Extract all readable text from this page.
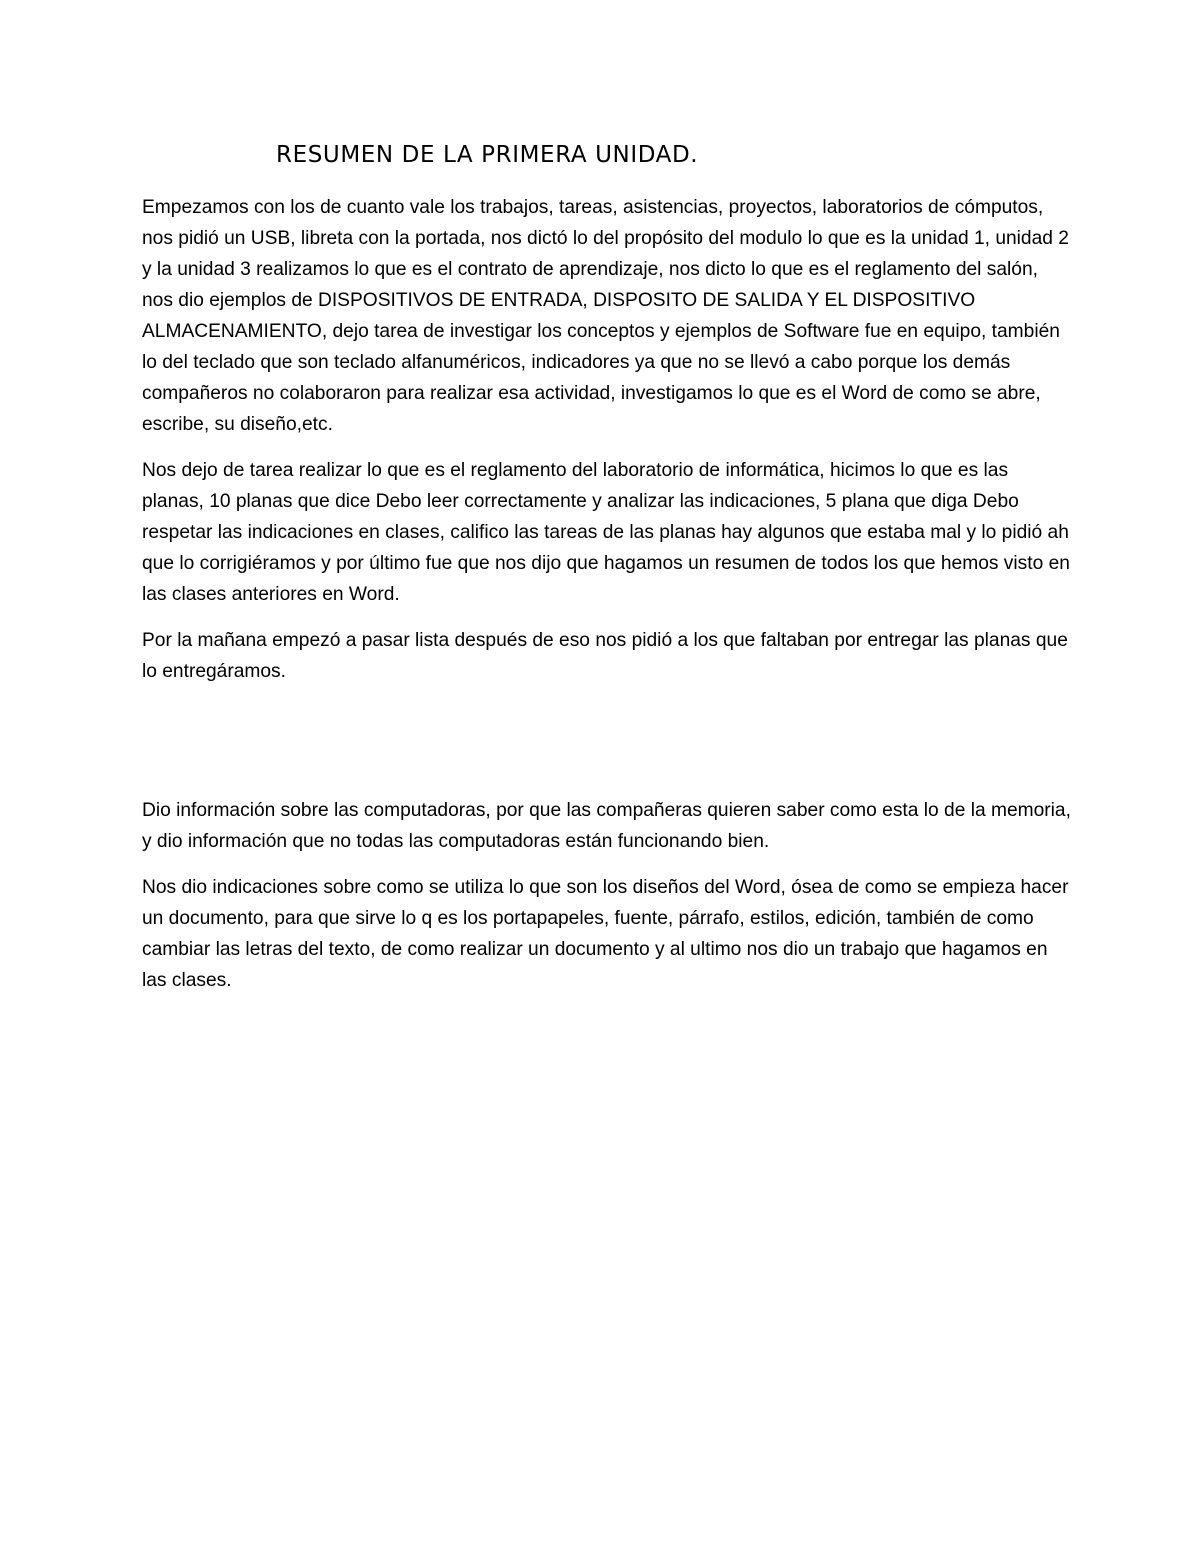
RESUMEN DE LA PRIMERA UNIDAD.

Empezamos con los de cuanto vale los trabajos, tareas, asistencias, proyectos, laboratorios de cómputos, nos pidió un USB, libreta con la portada, nos dictó lo del propósito del modulo lo que es la unidad 1, unidad 2 y la unidad 3 realizamos lo que es el contrato de aprendizaje, nos dicto lo que es el reglamento del salón, nos dio ejemplos de DISPOSITIVOS DE ENTRADA, DISPOSITO DE SALIDA Y EL DISPOSITIVO ALMACENAMIENTO, dejo tarea de investigar los conceptos y ejemplos de Software fue en equipo, también lo del teclado que son teclado alfanuméricos, indicadores ya que no se llevó a cabo porque los demás compañeros no colaboraron para realizar esa actividad, investigamos lo que es el Word de como se abre, escribe, su diseño,etc.

Nos dejo de tarea realizar lo que es el reglamento del laboratorio de informática, hicimos lo que es las planas, 10 planas que dice Debo leer correctamente y analizar las indicaciones, 5 plana que diga Debo respetar las indicaciones en clases, califico las tareas de las planas hay algunos que estaba mal y lo pidió ah que lo corrigiéramos y por último fue que nos dijo que hagamos un resumen de todos los que hemos visto en las clases anteriores en Word.

Por la mañana empezó a pasar lista después de eso nos pidió a los que faltaban por entregar las planas que lo entregáramos.

Dio información sobre las computadoras, por que las compañeras quieren saber como esta lo de la memoria, y dio información que no todas las computadoras están funcionando bien.

Nos dio indicaciones sobre como se utiliza lo que son los diseños del Word, ósea de como se empieza hacer un documento, para que sirve lo q es los portapapeles, fuente, párrafo, estilos, edición, también de como cambiar las letras del texto, de como realizar un documento y al ultimo nos dio un trabajo que hagamos en las clases.
